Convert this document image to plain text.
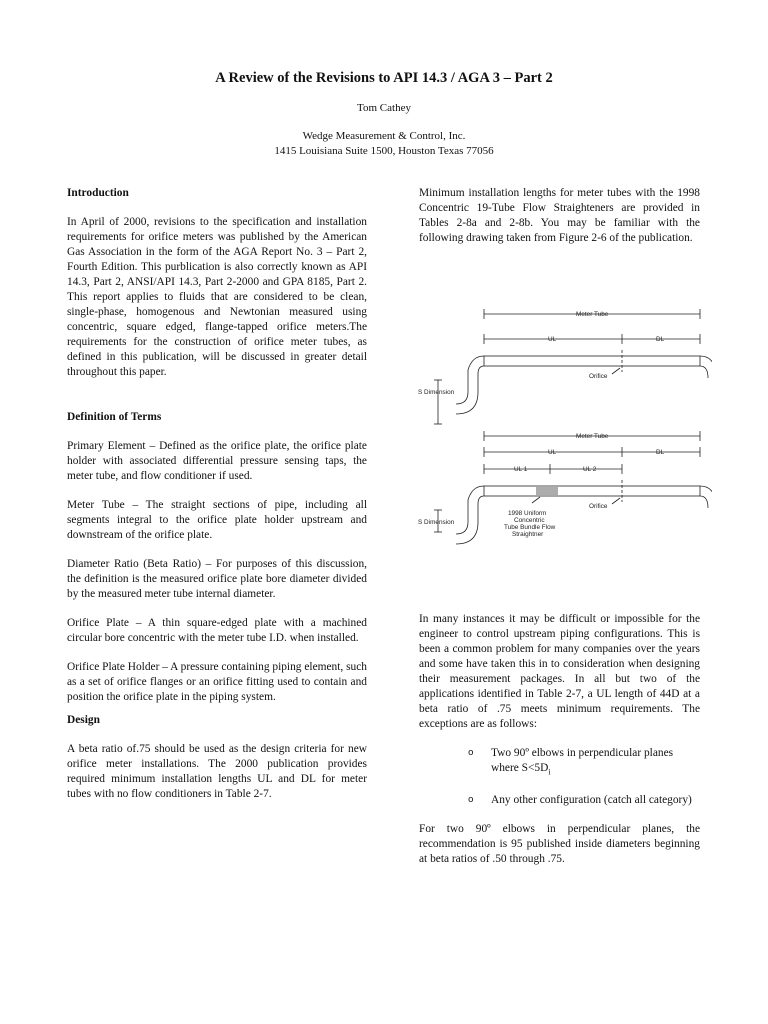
A Review of the Revisions to API 14.3 / AGA 3 – Part 2
Tom Cathey
Wedge Measurement & Control, Inc.
1415 Louisiana Suite 1500, Houston Texas 77056
Introduction

In April of 2000, revisions to the specification and installation requirements for orifice meters was published by the American Gas Association in the form of the AGA Report No. 3 – Part 2, Fourth Edition. This purblication is also correctly known as API 14.3, Part 2, ANSI/API 14.3, Part 2-2000 and GPA 8185, Part 2. This report applies to fluids that are considered to be clean, single-phase, homogenous and Newtonian measured using concentric, square edged, flange-tapped orifice meters.The requirements for the construction of orifice meter tubes, as defined in this publication, will be discussed in greater detail throughout this paper.

Definition of Terms

Primary Element – Defined as the orifice plate, the orifice plate holder with associated differential pressure sensing taps, the meter tube, and flow conditioner if used.

Meter Tube – The straight sections of pipe, including all segments integral to the orifice plate holder upstream and downstream of the orifice plate.

Diameter Ratio (Beta Ratio) – For purposes of this discussion, the definition is the measured orifice plate bore diameter divided by the measured meter tube internal diameter.

Orifice Plate – A thin square-edged plate with a machined circular bore concentric with the meter tube I.D. when installed.

Orifice Plate Holder – A pressure containing piping element, such as a set of orifice flanges or an orifice fitting used to contain and position the orifice plate in the piping system.

Design

A beta ratio of.75 should be used as the design criteria for new orifice meter installations. The 2000 publication provides required minimum installation lengths UL and DL for meter tubes with no flow conditioners in Table 2-7.

Minimum installation lengths for meter tubes with the 1998 Concentric 19-Tube Flow Straighteners are provided in Tables 2-8a and 2-8b. You may be familiar with the following drawing taken from Figure 2-6 of the publication.

In many instances it may be difficult or impossible for the engineer to control upstream piping configurations. This is been a common problem for many companies over the years and some have taken this in to consideration when designing their measurement packages. In all but two of the applications identified in Table 2-7, a UL length of 44D at a beta ratio of .75 meets minimum requirements. The exceptions are as follows:

o Two 90º elbows in perpendicular planes where $S<5D_i$
o Any other configuration (catch all category)

For two 90º elbows in perpendicular planes, the recommendation is 95 published inside diameters beginning at beta ratios of .50 through .75.

Meter Tube
UL	DL
Orifice
S Dimension
Meter Tube
UL	DL
UL 1	UL 2
Orifice
S Dimension
1998 Uniform
Concentric
Tube Bundle Flow
Straightner
